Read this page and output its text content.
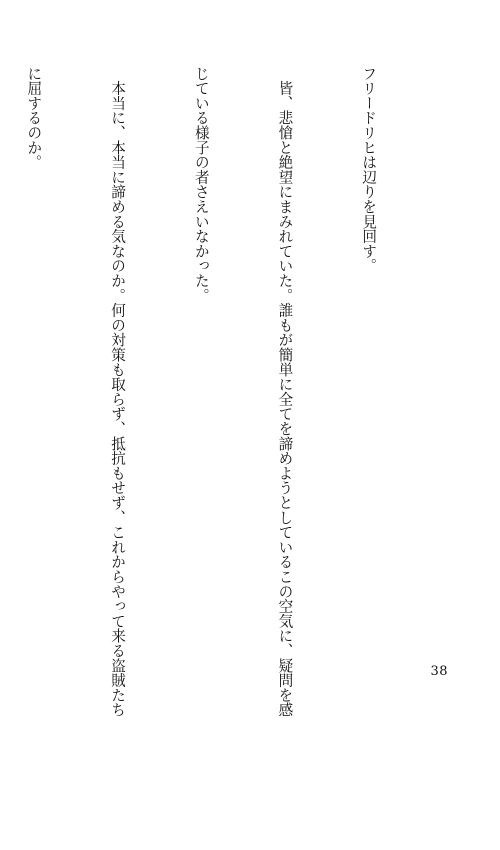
フリードリヒは辺りを見回す。

　皆、悲愴と絶望にまみれていた。誰もが簡単に全てを諦めようとしているこの空気に、疑問を感

じている様子の者さえいなかった。

　本当に、本当に諦める気なのか。何の対策も取らず、抵抗もせず、これからやって来る盗賊たち

に屈するのか。

38
